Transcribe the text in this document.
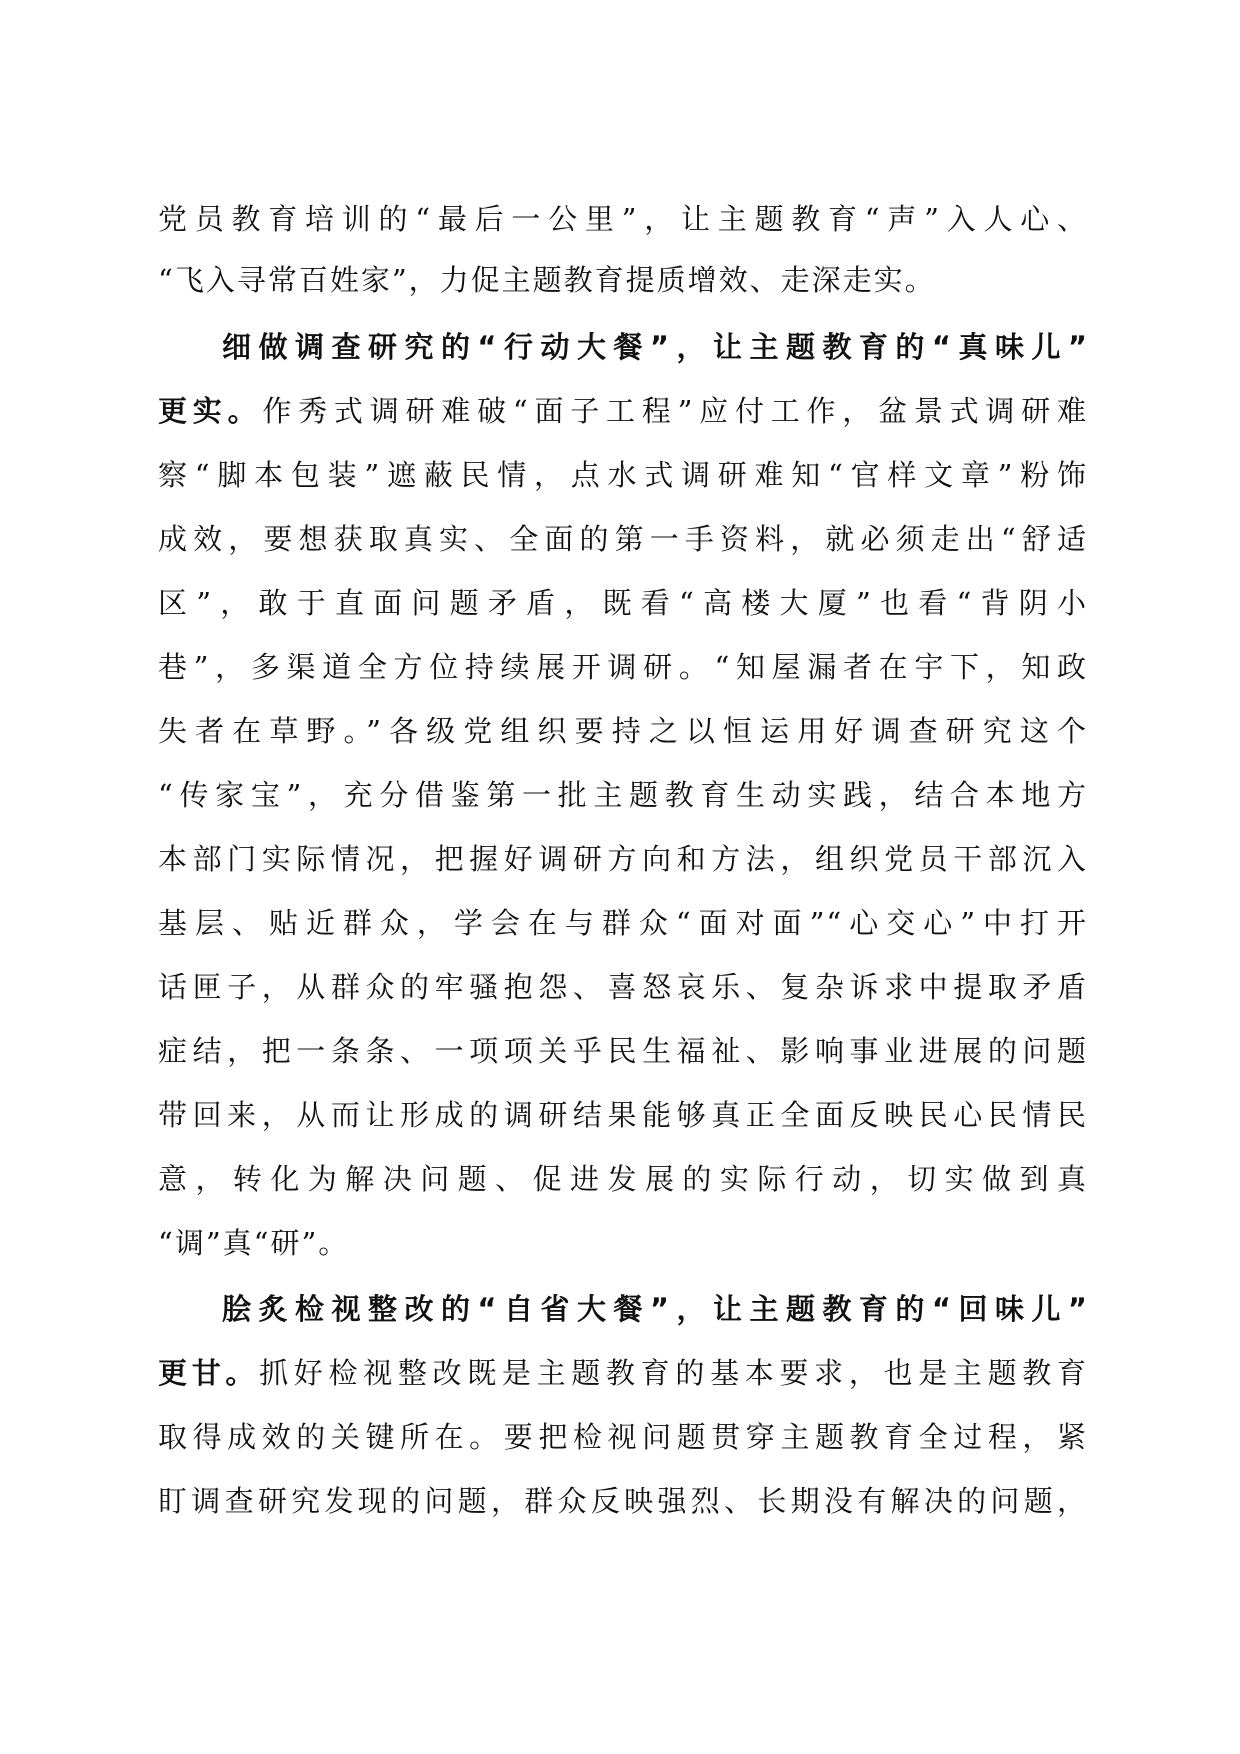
党员教育培训的“最后一公里”，让主题教育“声”入人心、
“飞入寻常百姓家”，力促主题教育提质增效、走深走实。
细做调查研究的“行动大餐”，让主题教育的“真味儿”
更实。作秀式调研难破“面子工程”应付工作，盆景式调研难
察“脚本包装”遮蔽民情，点水式调研难知“官样文章”粉饰
成效，要想获取真实、全面的第一手资料，就必须走出“舒适
区”，敢于直面问题矛盾，既看“高楼大厦”也看“背阴小
巷”，多渠道全方位持续展开调研。“知屋漏者在宇下，知政
失者在草野。”各级党组织要持之以恒运用好调查研究这个
“传家宝”，充分借鉴第一批主题教育生动实践，结合本地方
本部门实际情况，把握好调研方向和方法，组织党员干部沉入
基层、贴近群众，学会在与群众“面对面”“心交心”中打开
话匣子，从群众的牢骚抱怨、喜怒哀乐、复杂诉求中提取矛盾
症结，把一条条、一项项关乎民生福祉、影响事业进展的问题
带回来，从而让形成的调研结果能够真正全面反映民心民情民
意，转化为解决问题、促进发展的实际行动，切实做到真
“调”真“研”。
脍炙检视整改的“自省大餐”，让主题教育的“回味儿”
更甘。抓好检视整改既是主题教育的基本要求，也是主题教育
取得成效的关键所在。要把检视问题贯穿主题教育全过程，紧
盯调查研究发现的问题，群众反映强烈、长期没有解决的问题，
